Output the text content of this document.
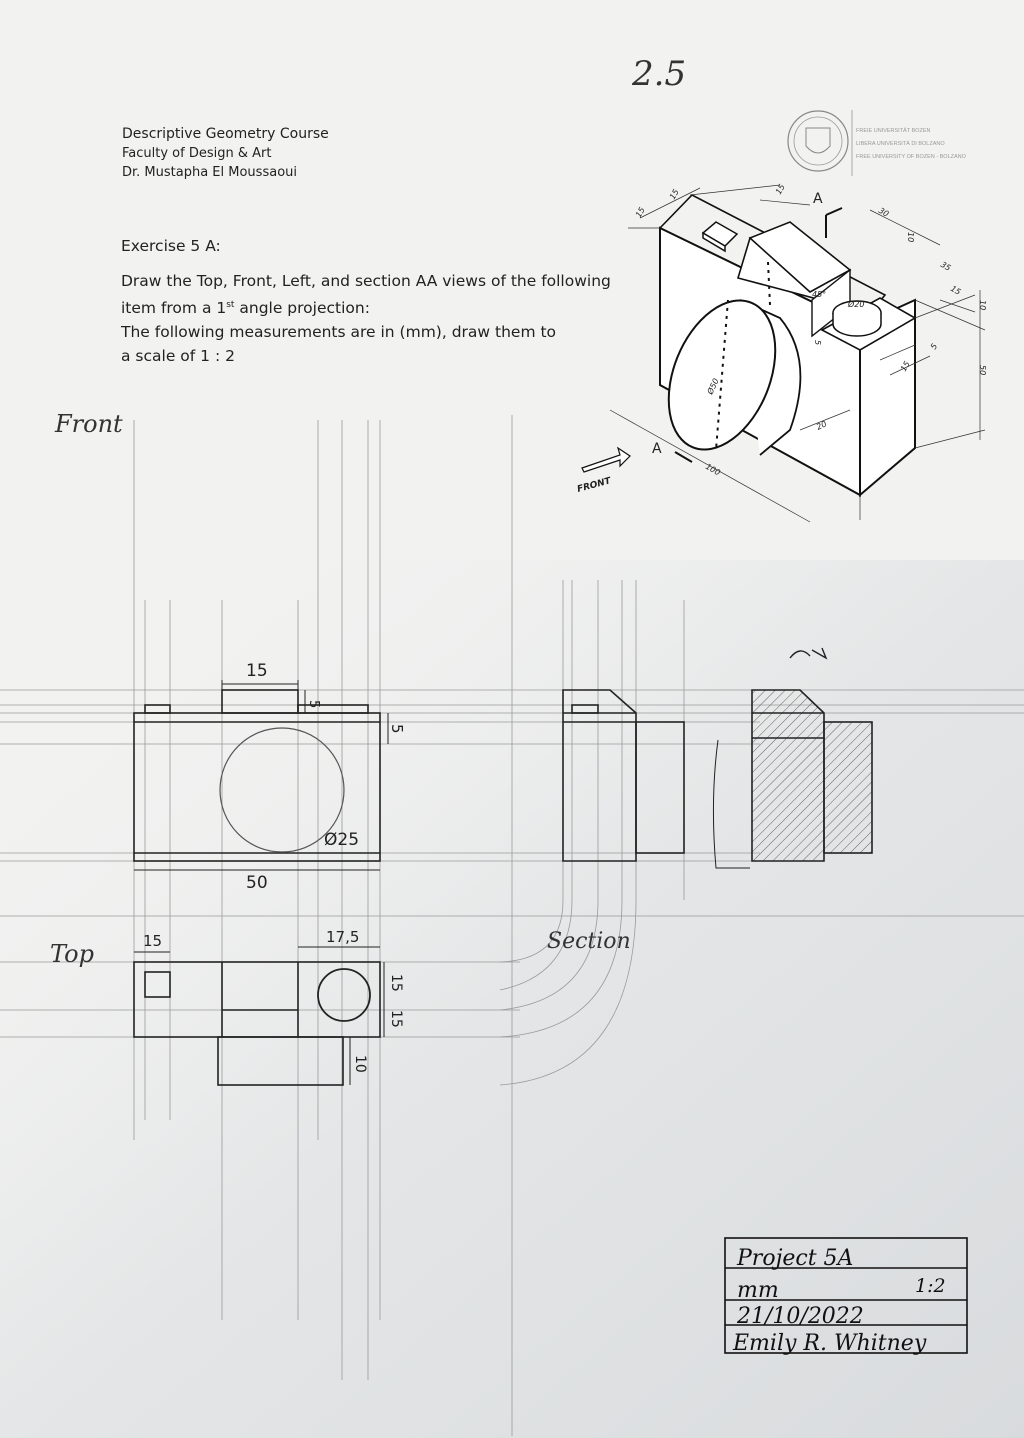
Descriptive Geometry Course
Faculty of Design & Art
Dr. Mustapha El Moussaoui
Exercise 5 A:
Draw the Top, Front, Left, and section AA views of the following
item from a 1st angle projection:
The following measurements are in (mm), draw them to
a scale of 1 : 2
2.5
FREIE UNIVERSITÄT BOZEN
LIBERA UNIVERSITÀ DI BOLZANO
FREE UNIVERSITY OF BOZEN - BOLZANO
A
A
FRONT
15
15	15
30
10
35
15
10
5
5
15	50
20
100
45°
Ø20
Ø50
15
5
5
Ø25
50
15	17,5
15
15
10
Front
Top	Section
Project 5A
mm	1:2
21/10/2022
Emily R. Whitney
